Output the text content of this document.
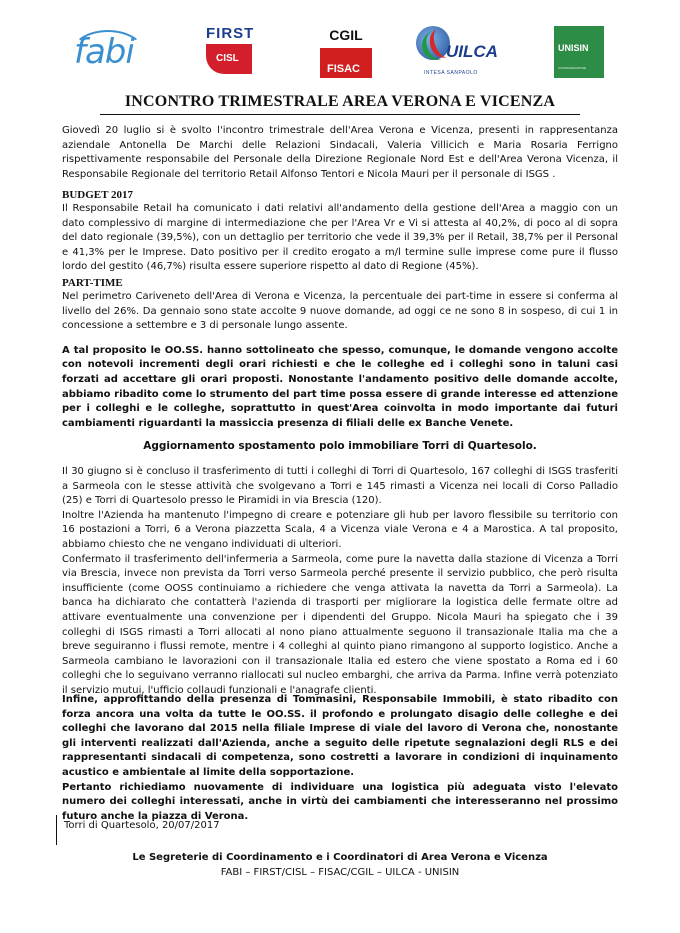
fabi	FIRST
CISL
CGIL
FISAC
UILCA
INTESA SANPAOLO
UNISIN
CONFEDERAZIONE
INCONTRO TRIMESTRALE AREA VERONA E VICENZA

Giovedì 20 luglio si è svolto l'incontro trimestrale dell'Area Verona e Vicenza, presenti in rappresentanza aziendale Antonella De Marchi delle Relazioni Sindacali, Valeria Villicich e Maria Rosaria Ferrigno rispettivamente responsabile del Personale della Direzione Regionale Nord Est e dell'Area Verona Vicenza, il Responsabile Regionale del territorio Retail Alfonso Tentori e Nicola Mauri per il personale di ISGS .

BUDGET 2017

Il Responsabile Retail ha comunicato i dati relativi all'andamento della gestione dell'Area a maggio con un dato complessivo di margine di intermediazione che per l'Area Vr e Vi si attesta al 40,2%, di poco al di sopra del dato regionale (39,5%), con un dettaglio per territorio che vede il 39,3% per il Retail, 38,7% per il Personal e 41,3% per le Imprese. Dato positivo per il credito erogato a m/l termine sulle imprese come pure il flusso lordo del gestito (46,7%) risulta essere superiore rispetto al dato di Regione (45%).

PART-TIME

Nel perimetro Cariveneto dell'Area di Verona e Vicenza, la percentuale dei part-time in essere si conferma al livello del 26%. Da gennaio sono state accolte 9 nuove domande, ad oggi ce ne sono 8 in sospeso, di cui 1 in concessione a settembre e 3 di personale lungo assente.

A tal proposito le OO.SS. hanno sottolineato che spesso, comunque, le domande vengono accolte con notevoli incrementi degli orari richiesti e che le colleghe ed i colleghi sono in taluni casi forzati ad accettare gli orari proposti. Nonostante l'andamento positivo delle domande accolte, abbiamo ribadito come lo strumento del part time possa essere di grande interesse ed attenzione per i colleghi e le colleghe, soprattutto in quest'Area coinvolta in modo importante dai futuri cambiamenti riguardanti la massiccia presenza di filiali delle ex Banche Venete.

Aggiornamento spostamento polo immobiliare Torri di Quartesolo.

Il 30 giugno si è concluso il trasferimento di tutti i colleghi di Torri di Quartesolo, 167 colleghi di ISGS trasferiti a Sarmeola con le stesse attività che svolgevano a Torri e 145 rimasti a Vicenza nei locali di Corso Palladio (25) e Torri di Quartesolo presso le Piramidi in via Brescia (120).

Inoltre l'Azienda ha mantenuto l'impegno di creare e potenziare gli hub per lavoro flessibile su territorio con 16 postazioni a Torri, 6 a Verona piazzetta Scala, 4 a Vicenza viale Verona e 4 a Marostica. A tal proposito, abbiamo chiesto che ne vengano individuati di ulteriori.

Confermato il trasferimento dell'infermeria a Sarmeola, come pure la navetta dalla stazione di Vicenza a Torri via Brescia, invece non prevista da Torri verso Sarmeola perché presente il servizio pubblico, che però risulta insufficiente (come OOSS continuiamo a richiedere che venga attivata la navetta da Torri a Sarmeola). La banca ha dichiarato che contatterà l'azienda di trasporti per migliorare la logistica delle fermate oltre ad attivare eventualmente una convenzione per i dipendenti del Gruppo. Nicola Mauri ha spiegato che i 39 colleghi di ISGS rimasti a Torri allocati al nono piano attualmente seguono il transazionale Italia ma che a breve seguiranno i flussi remote, mentre i 4 colleghi al quinto piano rimangono al supporto logistico. Anche a Sarmeola cambiano le lavorazioni con il transazionale Italia ed estero che viene spostato a Roma ed i 60 colleghi che lo seguivano verranno riallocati sul nucleo embarghi, che arriva da Parma. Infine verrà potenziato il servizio mutui, l'ufficio collaudi funzionali e l'anagrafe clienti.

Infine, approfittando della presenza di Tommasini, Responsabile Immobili, è stato ribadito con forza ancora una volta da tutte le OO.SS. il profondo e prolungato disagio delle colleghe e dei colleghi che lavorano dal 2015 nella filiale Imprese di viale del lavoro di Verona che, nonostante gli interventi realizzati dall'Azienda, anche a seguito delle ripetute segnalazioni degli RLS e dei rappresentanti sindacali di competenza, sono costretti a lavorare in condizioni di inquinamento acustico e ambientale al limite della sopportazione.

Pertanto richiediamo nuovamente di individuare una logistica più adeguata visto l'elevato numero dei colleghi interessati, anche in virtù dei cambiamenti che interesseranno nel prossimo futuro anche la piazza di Verona.

Torri di Quartesolo, 20/07/2017
Le Segreterie di Coordinamento e i Coordinatori di Area Verona e Vicenza
FABI – FIRST/CISL – FISAC/CGIL – UILCA - UNISIN
